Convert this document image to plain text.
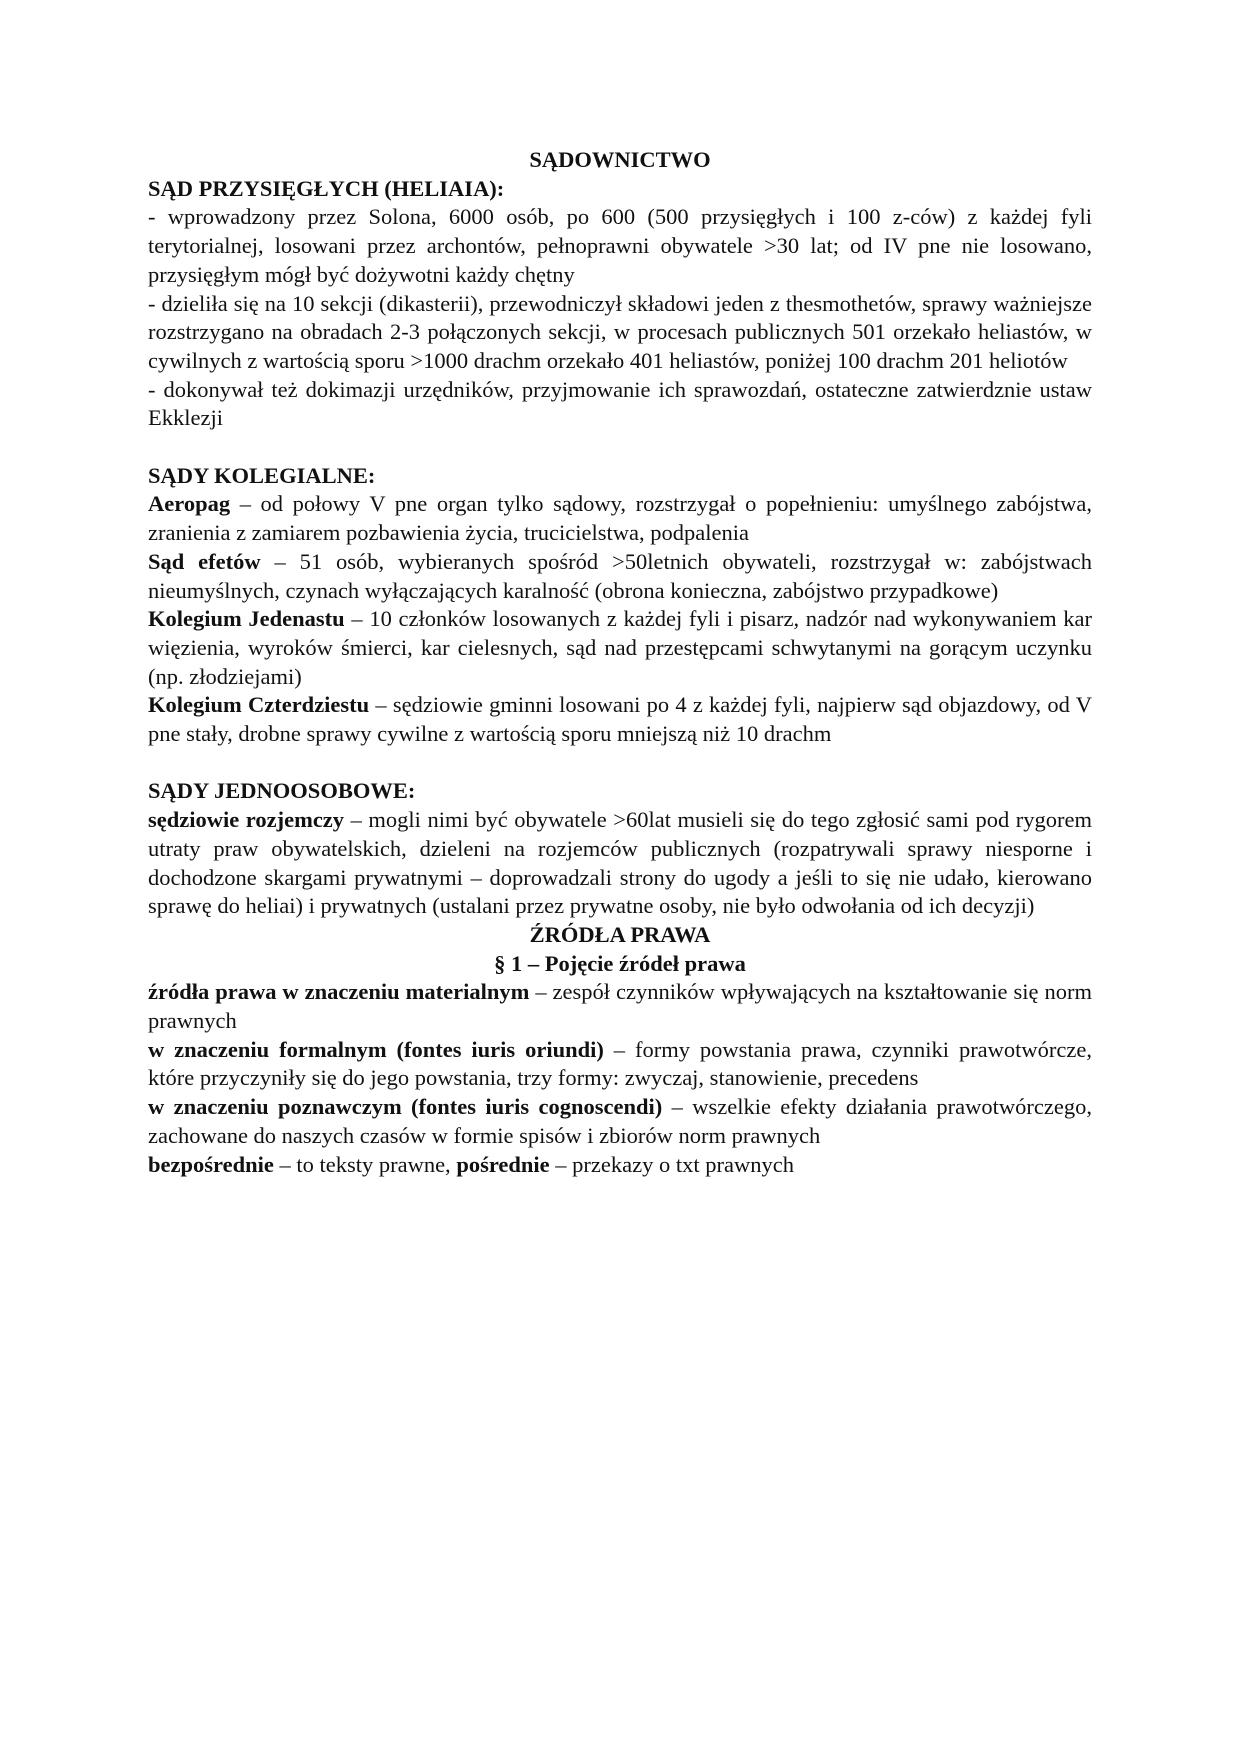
SĄDOWNICTWO
SĄD PRZYSIĘGŁYCH (HELIAIA):
- wprowadzony przez Solona, 6000 osób, po 600 (500 przysięgłych i 100 z-ców) z każdej fyli terytorialnej, losowani przez archontów, pełnoprawni obywatele >30 lat; od IV pne nie losowano, przysięgłym mógł być dożywotni każdy chętny
- dzieliła się na 10 sekcji (dikasterii), przewodniczył składowi jeden z thesmothetów, sprawy ważniejsze rozstrzygano na obradach 2-3 połączonych sekcji, w procesach publicznych 501 orzekało heliastów, w cywilnych z wartością sporu >1000 drachm orzekało 401 heliastów, poniżej 100 drachm 201 heliotów
- dokonywał też dokimazji urzędników, przyjmowanie ich sprawozdań, ostateczne zatwierdznie ustaw Ekklezji
SĄDY KOLEGIALNE:
Aeropag – od połowy V pne organ tylko sądowy, rozstrzygał o popełnieniu: umyślnego zabójstwa, zranienia z zamiarem pozbawienia życia, trucicielstwa, podpalenia
Sąd efetów – 51 osób, wybieranych spośród >50letnich obywateli, rozstrzygał w: zabójstwach nieumyślnych, czynach wyłączających karalność (obrona konieczna, zabójstwo przypadkowe)
Kolegium Jedenastu – 10 członków losowanych z każdej fyli i pisarz, nadzór nad wykonywaniem kar więzienia, wyroków śmierci, kar cielesnych, sąd nad przestępcami schwytanymi na gorącym uczynku (np. złodziejami)
Kolegium Czterdziestu – sędziowie gminni losowani po 4 z każdej fyli, najpierw sąd objazdowy, od V pne stały, drobne sprawy cywilne z wartością sporu mniejszą niż 10 drachm
SĄDY JEDNOOSOBOWE:
sędziowie rozjemczy – mogli nimi być obywatele >60lat musieli się do tego zgłosić sami pod rygorem utraty praw obywatelskich, dzieleni na rozjemców publicznych (rozpatrywali sprawy niesporne i dochodzone skargami prywatnymi – doprowadzali strony do ugody a jeśli to się nie udało, kierowano sprawę do heliai) i prywatnych (ustalani przez prywatne osoby, nie było odwołania od ich decyzji)
ŹRÓDŁA PRAWA
§ 1 – Pojęcie źródeł prawa
źródła prawa w znaczeniu materialnym – zespół czynników wpływających na kształtowanie się norm prawnych
w znaczeniu formalnym (fontes iuris oriundi) – formy powstania prawa, czynniki prawotwórcze, które przyczyniły się do jego powstania, trzy formy: zwyczaj, stanowienie, precedens
w znaczeniu poznawczym (fontes iuris cognoscendi) – wszelkie efekty działania prawotwórczego, zachowane do naszych czasów w formie spisów i zbiorów norm prawnych
bezpośrednie – to teksty prawne, pośrednie – przekazy o txt prawnych
